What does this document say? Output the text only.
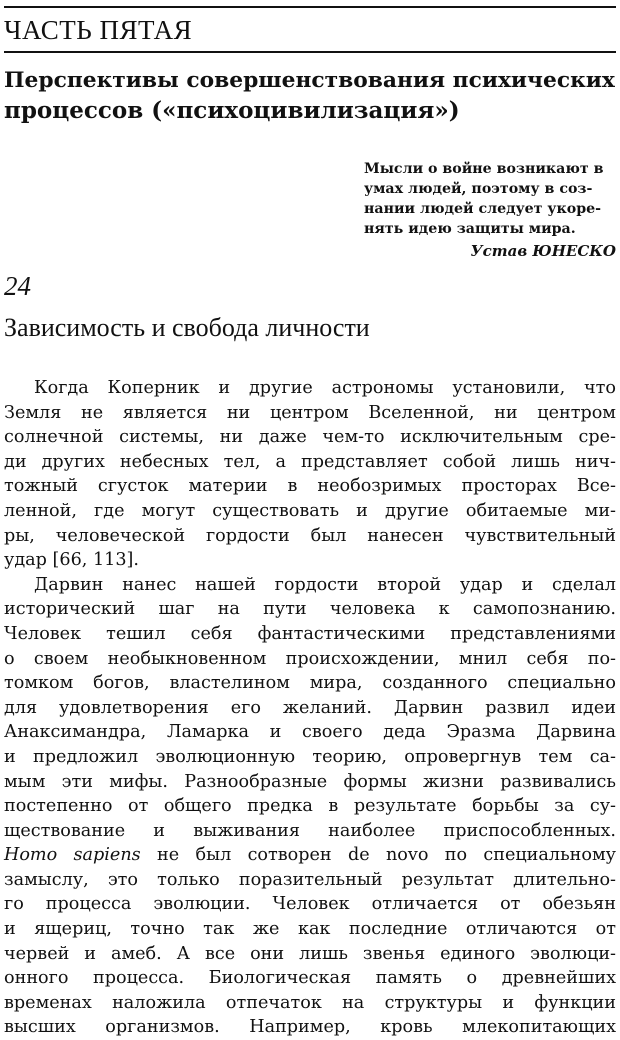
ЧАСТЬ ПЯТАЯ
Перспективы совершенствования психических
процессов («психоцивилизация»)
Мысли о войне возникают в
умах людей, поэтому в соз-
нании людей следует укоре-
нять идею защиты мира.
Устав ЮНЕСКО
24
Зависимость и свобода личности
Когда Коперник и другие астрономы установили, что
Земля не является ни центром Вселенной, ни центром
солнечной системы, ни даже чем-то исключительным сре-
ди других небесных тел, а представляет собой лишь нич-
тожный сгусток материи в необозримых просторах Все-
ленной, где могут существовать и другие обитаемые ми-
ры, человеческой гордости был нанесен чувствительный
удар [66, 113].
Дарвин нанес нашей гордости второй удар и сделал
исторический шаг на пути человека к самопознанию.
Человек тешил себя фантастическими представлениями
о своем необыкновенном происхождении, мнил себя по-
томком богов, властелином мира, созданного специально
для удовлетворения его желаний. Дарвин развил идеи
Анаксимандра, Ламарка и своего деда Эразма Дарвина
и предложил эволюционную теорию, опровергнув тем са-
мым эти мифы. Разнообразные формы жизни развивались
постепенно от общего предка в результате борьбы за су-
ществование и выживания наиболее приспособленных.
Homo sapiens не был сотворен de novo по специальному
замыслу, это только поразительный результат длительно-
го процесса эволюции. Человек отличается от обезьян
и ящериц, точно так же как последние отличаются от
червей и амеб. А все они лишь звенья единого эволюци-
онного процесса. Биологическая память о древнейших
временах наложила отпечаток на структуры и функции
высших организмов. Например, кровь млекопитающих
